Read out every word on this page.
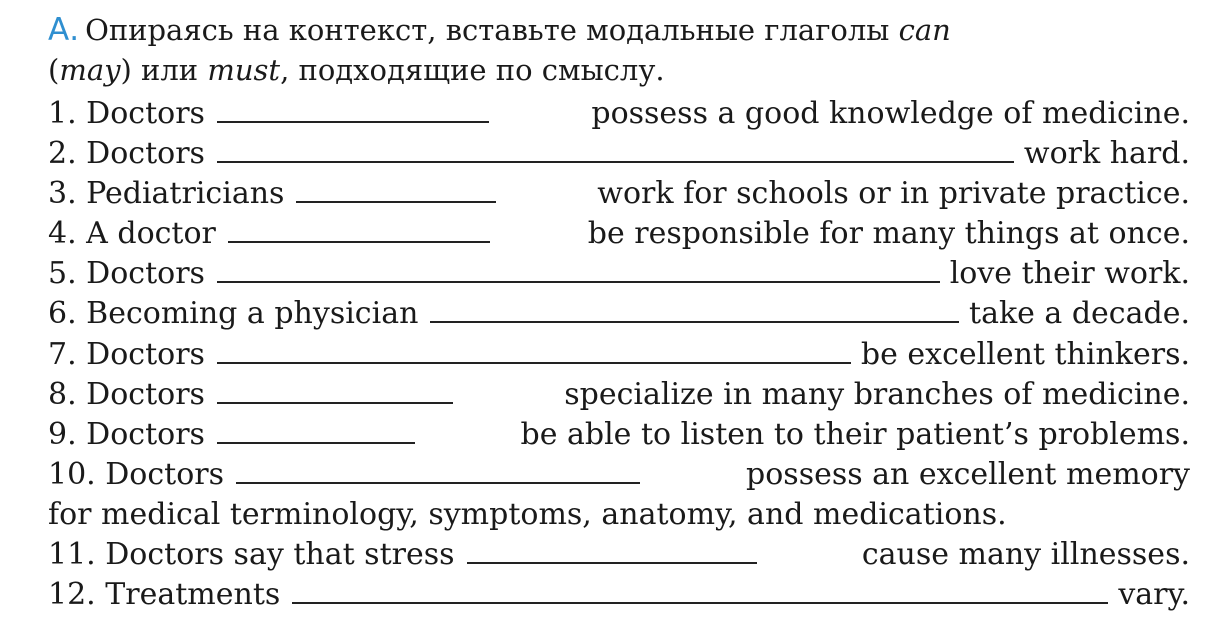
А. Опираясь на контекст, вставьте модальные глаголы can
(may) или must, подходящие по смыслу.

1. Doctors	possess a good knowledge of medicine.
2. Doctors	work hard.
3. Pediatricians	work for schools or in private practice.
4. A doctor	be responsible for many things at once.
5. Doctors	love their work.
6. Becoming a physician	take a decade.
7. Doctors	be excellent thinkers.
8. Doctors	specialize in many branches of medicine.
9. Doctors	be able to listen to their patient’s problems.
10. Doctors	possess an excellent memory
for medical terminology, symptoms, anatomy, and medications.
11. Doctors say that stress	cause many illnesses.
12. Treatments	vary.
